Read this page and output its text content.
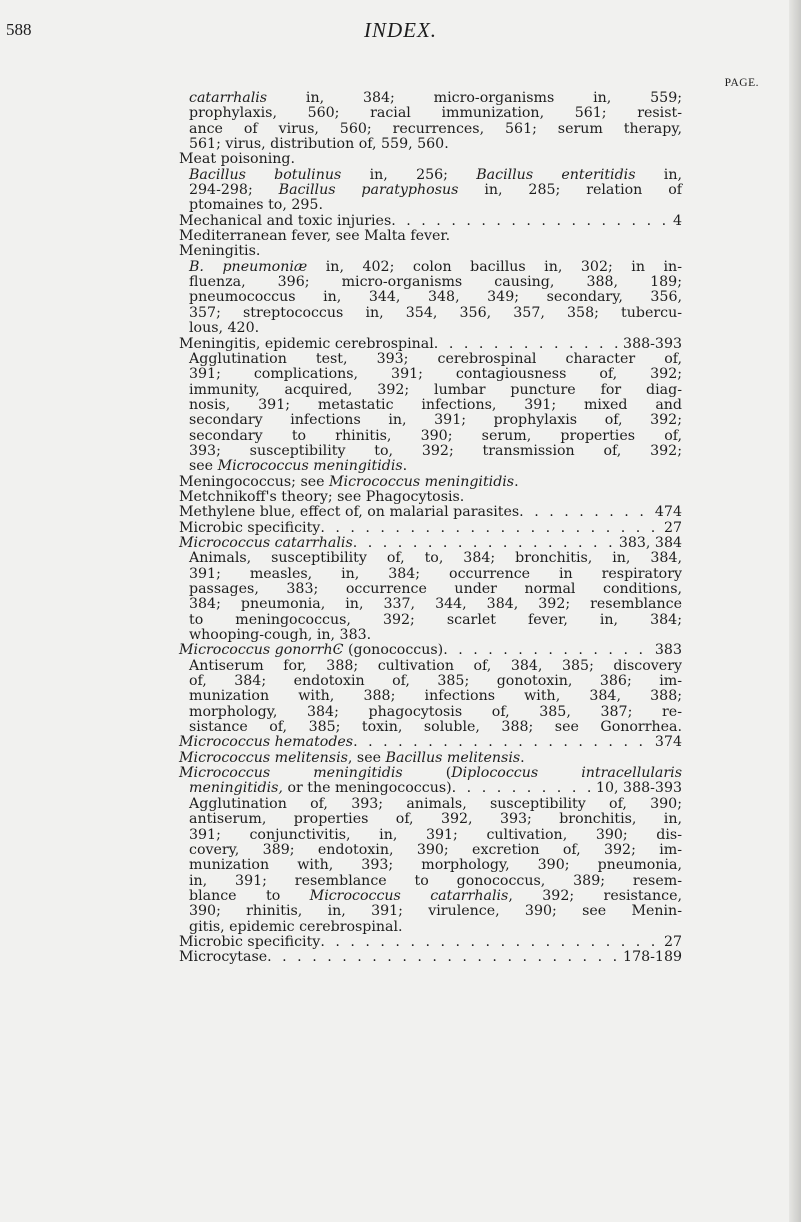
588	INDEX.
PAGE.
catarrhalis in, 384; micro-organisms in, 559;
prophylaxis, 560; racial immunization, 561; resist-
ance of virus, 560; recurrences, 561; serum therapy,
561; virus, distribution of, 559, 560.
Meat poisoning.
Bacillus botulinus in, 256; Bacillus enteritidis in,
294-298; Bacillus paratyphosus in, 285; relation of
ptomaines to, 295.
Mechanical and toxic injuries . . .	4
Mediterranean fever, see Malta fever.
Meningitis.
B. pneumoniæ in, 402; colon bacillus in, 302; in in-
fluenza, 396; micro-organisms causing, 388, 189;
pneumococcus in, 344, 348, 349; secondary, 356,
357; streptococcus in, 354, 356, 357, 358; tubercu-
lous, 420.
Meningitis, epidemic cerebrospinal . . .	388-393
Agglutination test, 393; cerebrospinal character of,
391; complications, 391; contagiousness of, 392;
immunity, acquired, 392; lumbar puncture for diag-
nosis, 391; metastatic infections, 391; mixed and
secondary infections in, 391; prophylaxis of, 392;
secondary to rhinitis, 390; serum, properties of,
393; susceptibility to, 392; transmission of, 392;
see Micrococcus meningitidis.
Meningococcus; see Micrococcus meningitidis.
Metchnikoff's theory; see Phagocytosis.
Methylene blue, effect of, on malarial parasites . . .	474
Microbic specificity . . .	27
Micrococcus catarrhalis . . .	383, 384
Animals, susceptibility of, to, 384; bronchitis, in, 384,
391; measles, in, 384; occurrence in respiratory
passages, 383; occurrence under normal conditions,
384; pneumonia, in, 337, 344, 384, 392; resemblance
to meningococcus, 392; scarlet fever, in, 384;
whooping-cough, in, 383.
Micrococcus gonorrhϾ (gonococcus) . . .	383
Antiserum for, 388; cultivation of, 384, 385; discovery
of, 384; endotoxin of, 385; gonotoxin, 386; im-
munization with, 388; infections with, 384, 388;
morphology, 384; phagocytosis of, 385, 387; re-
sistance of, 385; toxin, soluble, 388; see Gonorrhea.
Micrococcus hematodes . . .	374
Micrococcus melitensis, see Bacillus melitensis.
Micrococcus meningitidis (Diplococcus intracellularis
meningitidis, or the meningococcus) . . .	10, 388-393
Agglutination of, 393; animals, susceptibility of, 390;
antiserum, properties of, 392, 393; bronchitis, in,
391; conjunctivitis, in, 391; cultivation, 390; dis-
covery, 389; endotoxin, 390; excretion of, 392; im-
munization with, 393; morphology, 390; pneumonia,
in, 391; resemblance to gonococcus, 389; resem-
blance to Micrococcus catarrhalis, 392; resistance,
390; rhinitis, in, 391; virulence, 390; see Menin-
gitis, epidemic cerebrospinal.
Microbic specificity . . .	27
Microcytase . . .	178-189
